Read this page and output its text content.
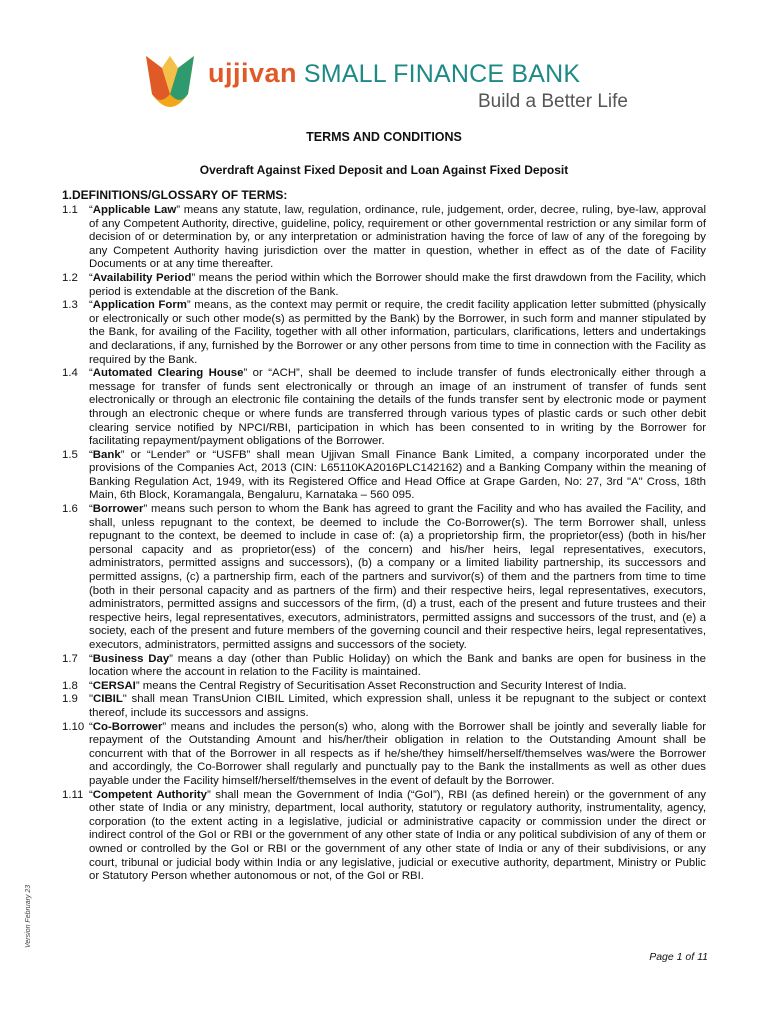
ujjivan SMALL FINANCE BANK
Build a Better Life
TERMS AND CONDITIONS
Overdraft Against Fixed Deposit and Loan Against Fixed Deposit
1.DEFINITIONS/GLOSSARY OF TERMS:
1.1 “Applicable Law” means any statute, law, regulation, ordinance, rule, judgement, order, decree, ruling, bye-law, approval of any Competent Authority, directive, guideline, policy, requirement or other governmental restriction or any similar form of decision of or determination by, or any interpretation or administration having the force of law of any of the foregoing by any Competent Authority having jurisdiction over the matter in question, whether in effect as of the date of Facility Documents or at any time thereafter.
1.2 “Availability Period” means the period within which the Borrower should make the first drawdown from the Facility, which period is extendable at the discretion of the Bank.
1.3 “Application Form” means, as the context may permit or require, the credit facility application letter submitted (physically or electronically or such other mode(s) as permitted by the Bank) by the Borrower, in such form and manner stipulated by the Bank, for availing of the Facility, together with all other information, particulars, clarifications, letters and undertakings and declarations, if any, furnished by the Borrower or any other persons from time to time in connection with the Facility as required by the Bank.
1.4 “Automated Clearing House” or “ACH”, shall be deemed to include transfer of funds electronically either through a message for transfer of funds sent electronically or through an image of an instrument of transfer of funds sent electronically or through an electronic file containing the details of the funds transfer sent by electronic mode or payment through an electronic cheque or where funds are transferred through various types of plastic cards or such other debit clearing service notified by NPCI/RBI, participation in which has been consented to in writing by the Borrower for facilitating repayment/payment obligations of the Borrower.
1.5 “Bank” or “Lender” or “USFB” shall mean Ujjivan Small Finance Bank Limited, a company incorporated under the provisions of the Companies Act, 2013 (CIN: L65110KA2016PLC142162) and a Banking Company within the meaning of Banking Regulation Act, 1949, with its Registered Office and Head Office at Grape Garden, No: 27, 3rd "A" Cross, 18th Main, 6th Block, Koramangala, Bengaluru, Karnataka – 560 095.
1.6 “Borrower” means such person to whom the Bank has agreed to grant the Facility and who has availed the Facility, and shall, unless repugnant to the context, be deemed to include the Co-Borrower(s). The term Borrower shall, unless repugnant to the context, be deemed to include in case of: (a) a proprietorship firm, the proprietor(ess) (both in his/her personal capacity and as proprietor(ess) of the concern) and his/her heirs, legal representatives, executors, administrators, permitted assigns and successors), (b) a company or a limited liability partnership, its successors and permitted assigns, (c) a partnership firm, each of the partners and survivor(s) of them and the partners from time to time (both in their personal capacity and as partners of the firm) and their respective heirs, legal representatives, executors, administrators, permitted assigns and successors of the firm, (d) a trust, each of the present and future trustees and their respective heirs, legal representatives, executors, administrators, permitted assigns and successors of the trust, and (e) a society, each of the present and future members of the governing council and their respective heirs, legal representatives, executors, administrators, permitted assigns and successors of the society.
1.7 “Business Day” means a day (other than Public Holiday) on which the Bank and banks are open for business in the location where the account in relation to the Facility is maintained.
1.8 “CERSAI” means the Central Registry of Securitisation Asset Reconstruction and Security Interest of India.
1.9 "CIBIL" shall mean TransUnion CIBIL Limited, which expression shall, unless it be repugnant to the subject or context thereof, include its successors and assigns.
1.10 “Co-Borrower” means and includes the person(s) who, along with the Borrower shall be jointly and severally liable for repayment of the Outstanding Amount and his/her/their obligation in relation to the Outstanding Amount shall be concurrent with that of the Borrower in all respects as if he/she/they himself/herself/themselves was/were the Borrower and accordingly, the Co-Borrower shall regularly and punctually pay to the Bank the installments as well as other dues payable under the Facility himself/herself/themselves in the event of default by the Borrower.
1.11 “Competent Authority” shall mean the Government of India (“GoI”), RBI (as defined herein) or the government of any other state of India or any ministry, department, local authority, statutory or regulatory authority, instrumentality, agency, corporation (to the extent acting in a legislative, judicial or administrative capacity or commission under the direct or indirect control of the GoI or RBI or the government of any other state of India or any political subdivision of any of them or owned or controlled by the GoI or RBI or the government of any other state of India or any of their subdivisions, or any court, tribunal or judicial body within India or any legislative, judicial or executive authority, department, Ministry or Public or Statutory Person whether autonomous or not, of the GoI or RBI.
Version February 23
Page 1 of 11
